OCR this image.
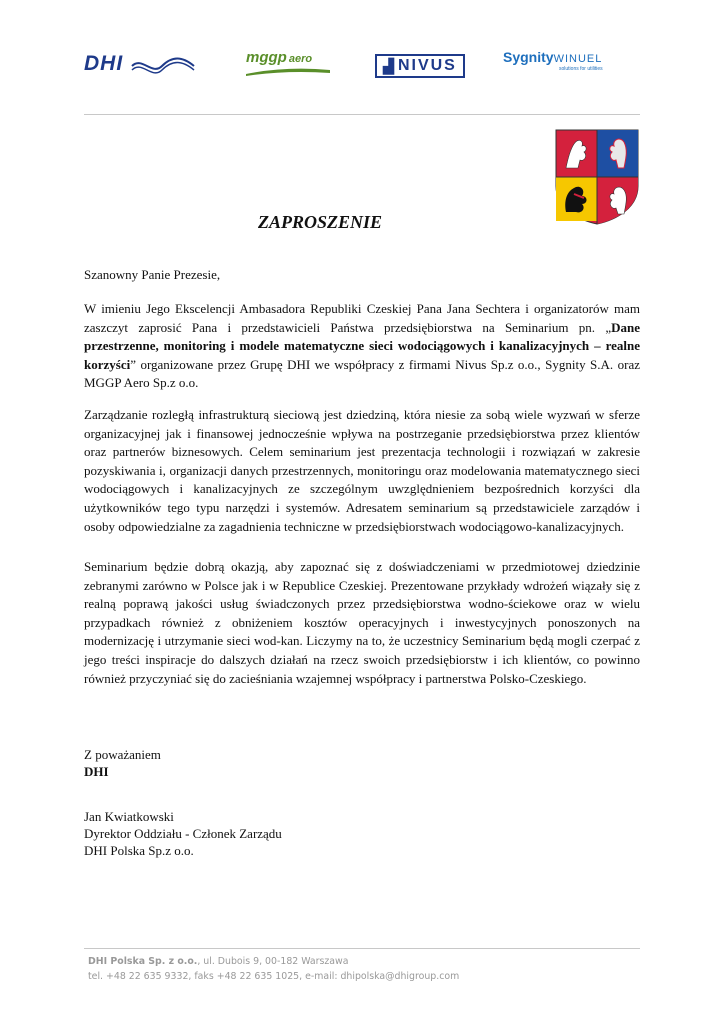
DHI	mggp aero	▟ NIVUS	SygnityWINUEL
solutions for utilities
ZAPROSZENIE

Szanowny Panie Prezesie,

W imieniu Jego Ekscelencji Ambasadora Republiki Czeskiej Pana Jana Sechtera i organizatorów mam zaszczyt zaprosić Pana i przedstawicieli Państwa przedsiębiorstwa na Seminarium pn. „Dane przestrzenne, monitoring i modele matematyczne sieci wodociągowych i kanalizacyjnych – realne korzyści” organizowane przez Grupę DHI we współpracy z firmami Nivus Sp.z o.o., Sygnity S.A. oraz MGGP Aero Sp.z o.o.

Zarządzanie rozległą infrastrukturą sieciową jest dziedziną, która niesie za sobą wiele wyzwań w sferze organizacyjnej jak i finansowej jednocześnie wpływa na postrzeganie przedsiębiorstwa przez klientów oraz partnerów biznesowych. Celem seminarium jest prezentacja technologii i rozwiązań w zakresie pozyskiwania i, organizacji danych przestrzennych, monitoringu oraz modelowania matematycznego sieci wodociągowych i kanalizacyjnych ze szczególnym uwzględnieniem bezpośrednich korzyści dla użytkowników tego typu narzędzi i systemów. Adresatem seminarium są przedstawiciele zarządów i osoby odpowiedzialne za zagadnienia techniczne w przedsiębiorstwach wodociągowo-kanalizacyjnych.

Seminarium będzie dobrą okazją, aby zapoznać się z doświadczeniami w przedmiotowej dziedzinie zebranymi zarówno w Polsce jak i w Republice Czeskiej. Prezentowane przykłady wdrożeń wiązały się z realną poprawą jakości usług świadczonych przez przedsiębiorstwa wodno-ściekowe oraz w wielu przypadkach również z obniżeniem kosztów operacyjnych i inwestycyjnych ponoszonych na modernizację i utrzymanie sieci wod-kan. Liczymy na to, że uczestnicy Seminarium będą mogli czerpać z jego treści inspiracje do dalszych działań na rzecz swoich przedsiębiorstw i ich klientów, co powinno również przyczyniać się do zacieśniania wzajemnej współpracy i partnerstwa Polsko-Czeskiego.

Z poważaniem
DHI
Jan Kwiatkowski
Dyrektor Oddziału - Członek Zarządu
DHI Polska Sp.z o.o.
DHI Polska Sp. z o.o., ul. Dubois 9, 00-182 Warszawa
tel. +48 22 635 9332, faks +48 22 635 1025, e-mail: dhipolska@dhigroup.com
